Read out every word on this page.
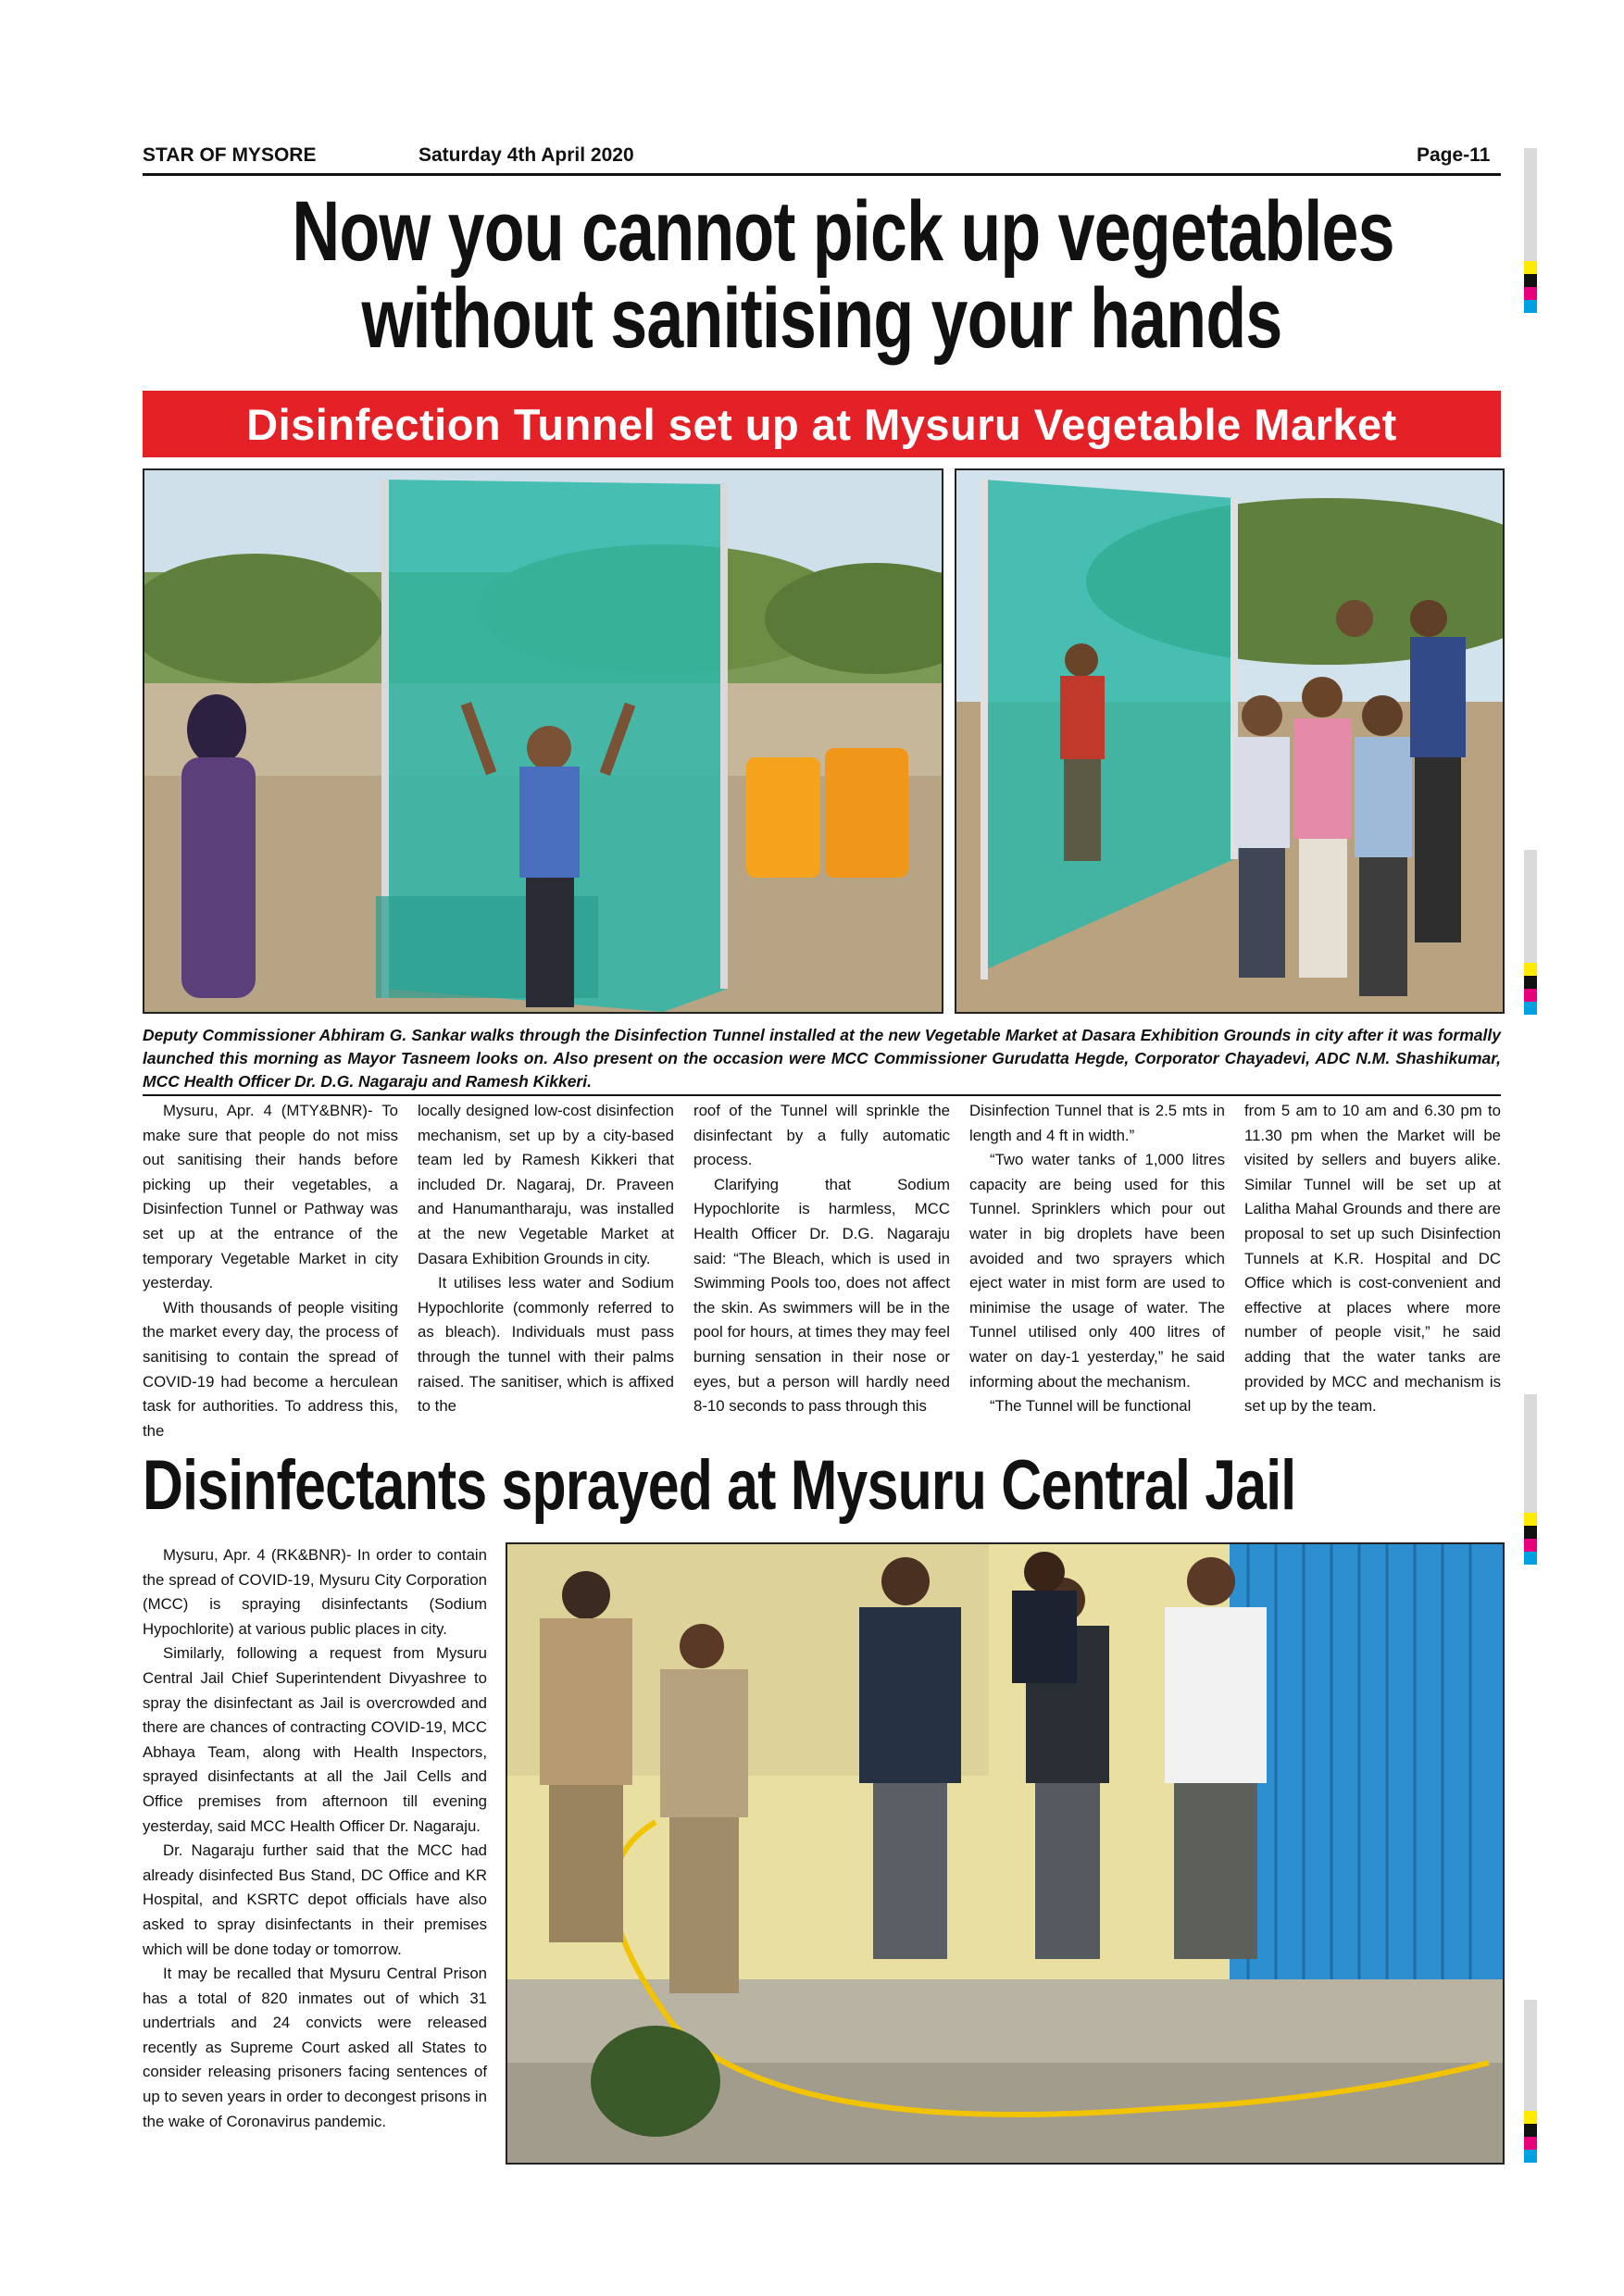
STAR OF MYSORE	Saturday 4th April 2020	Page-11
Now you cannot pick up vegetables
without sanitising your hands
Disinfection Tunnel set up at Mysuru Vegetable Market
Deputy Commissioner Abhiram G. Sankar walks through the Disinfection Tunnel installed at the new Vegetable Market at Dasara Exhibition Grounds in city after it was formally launched this morning as Mayor Tasneem looks on. Also present on the occasion were MCC Commissioner Gurudatta Hegde, Corporator Chayadevi, ADC N.M. Shashikumar, MCC Health Officer Dr. D.G. Nagaraju and Ramesh Kikkeri.

Mysuru, Apr. 4 (MTY&BNR)- To make sure that people do not miss out sanitising their hands before picking up their vegetables, a Disinfection Tunnel or Pathway was set up at the entrance of the temporary Vegetable Market in city yesterday.

With thousands of people visiting the market every day, the process of sanitising to contain the spread of COVID-19 had become a herculean task for authorities. To address this, the

locally designed low-cost disinfection mechanism, set up by a city-based team led by Ramesh Kikkeri that included Dr. Nagaraj, Dr. Praveen and Hanumantharaju, was installed at the new Vegetable Market at Dasara Exhibition Grounds in city.

It utilises less water and Sodium Hypochlorite (commonly referred to as bleach). Individuals must pass through the tunnel with their palms raised. The sanitiser, which is affixed to the

roof of the Tunnel will sprinkle the disinfectant by a fully automatic process.

Clarifying that Sodium Hypochlorite is harmless, MCC Health Officer Dr. D.G. Nagaraju said: “The Bleach, which is used in Swimming Pools too, does not affect the skin. As swimmers will be in the pool for hours, at times they may feel burning sensation in their nose or eyes, but a person will hardly need 8-10 seconds to pass through this

Disinfection Tunnel that is 2.5 mts in length and 4 ft in width.”

“Two water tanks of 1,000 litres capacity are being used for this Tunnel. Sprinklers which pour out water in big droplets have been avoided and two sprayers which eject water in mist form are used to minimise the usage of water. The Tunnel utilised only 400 litres of water on day-1 yesterday,” he said informing about the mechanism.

“The Tunnel will be functional

from 5 am to 10 am and 6.30 pm to 11.30 pm when the Market will be visited by sellers and buyers alike. Similar Tunnel will be set up at Lalitha Mahal Grounds and there are proposal to set up such Disinfection Tunnels at K.R. Hospital and DC Office which is cost-convenient and effective at places where more number of people visit,” he said adding that the water tanks are provided by MCC and mechanism is set up by the team.

Disinfectants sprayed at Mysuru Central Jail

Mysuru, Apr. 4 (RK&BNR)- In order to contain the spread of COVID-19, Mysuru City Corporation (MCC) is spraying disinfectants (Sodium Hypochlorite) at various public places in city.

Similarly, following a request from Mysuru Central Jail Chief Superintendent Divyashree to spray the disinfectant as Jail is overcrowded and there are chances of contracting COVID-19, MCC Abhaya Team, along with Health Inspectors, sprayed disinfectants at all the Jail Cells and Office premises from afternoon till evening yesterday, said MCC Health Officer Dr. Nagaraju.

Dr. Nagaraju further said that the MCC had already disinfected Bus Stand, DC Office and KR Hospital, and KSRTC depot officials have also asked to spray disinfectants in their premises which will be done today or tomorrow.

It may be recalled that Mysuru Central Prison has a total of 820 inmates out of which 31 undertrials and 24 convicts were released recently as Supreme Court asked all States to consider releasing prisoners facing sentences of up to seven years in order to decongest prisons in the wake of Coronavirus pandemic.
